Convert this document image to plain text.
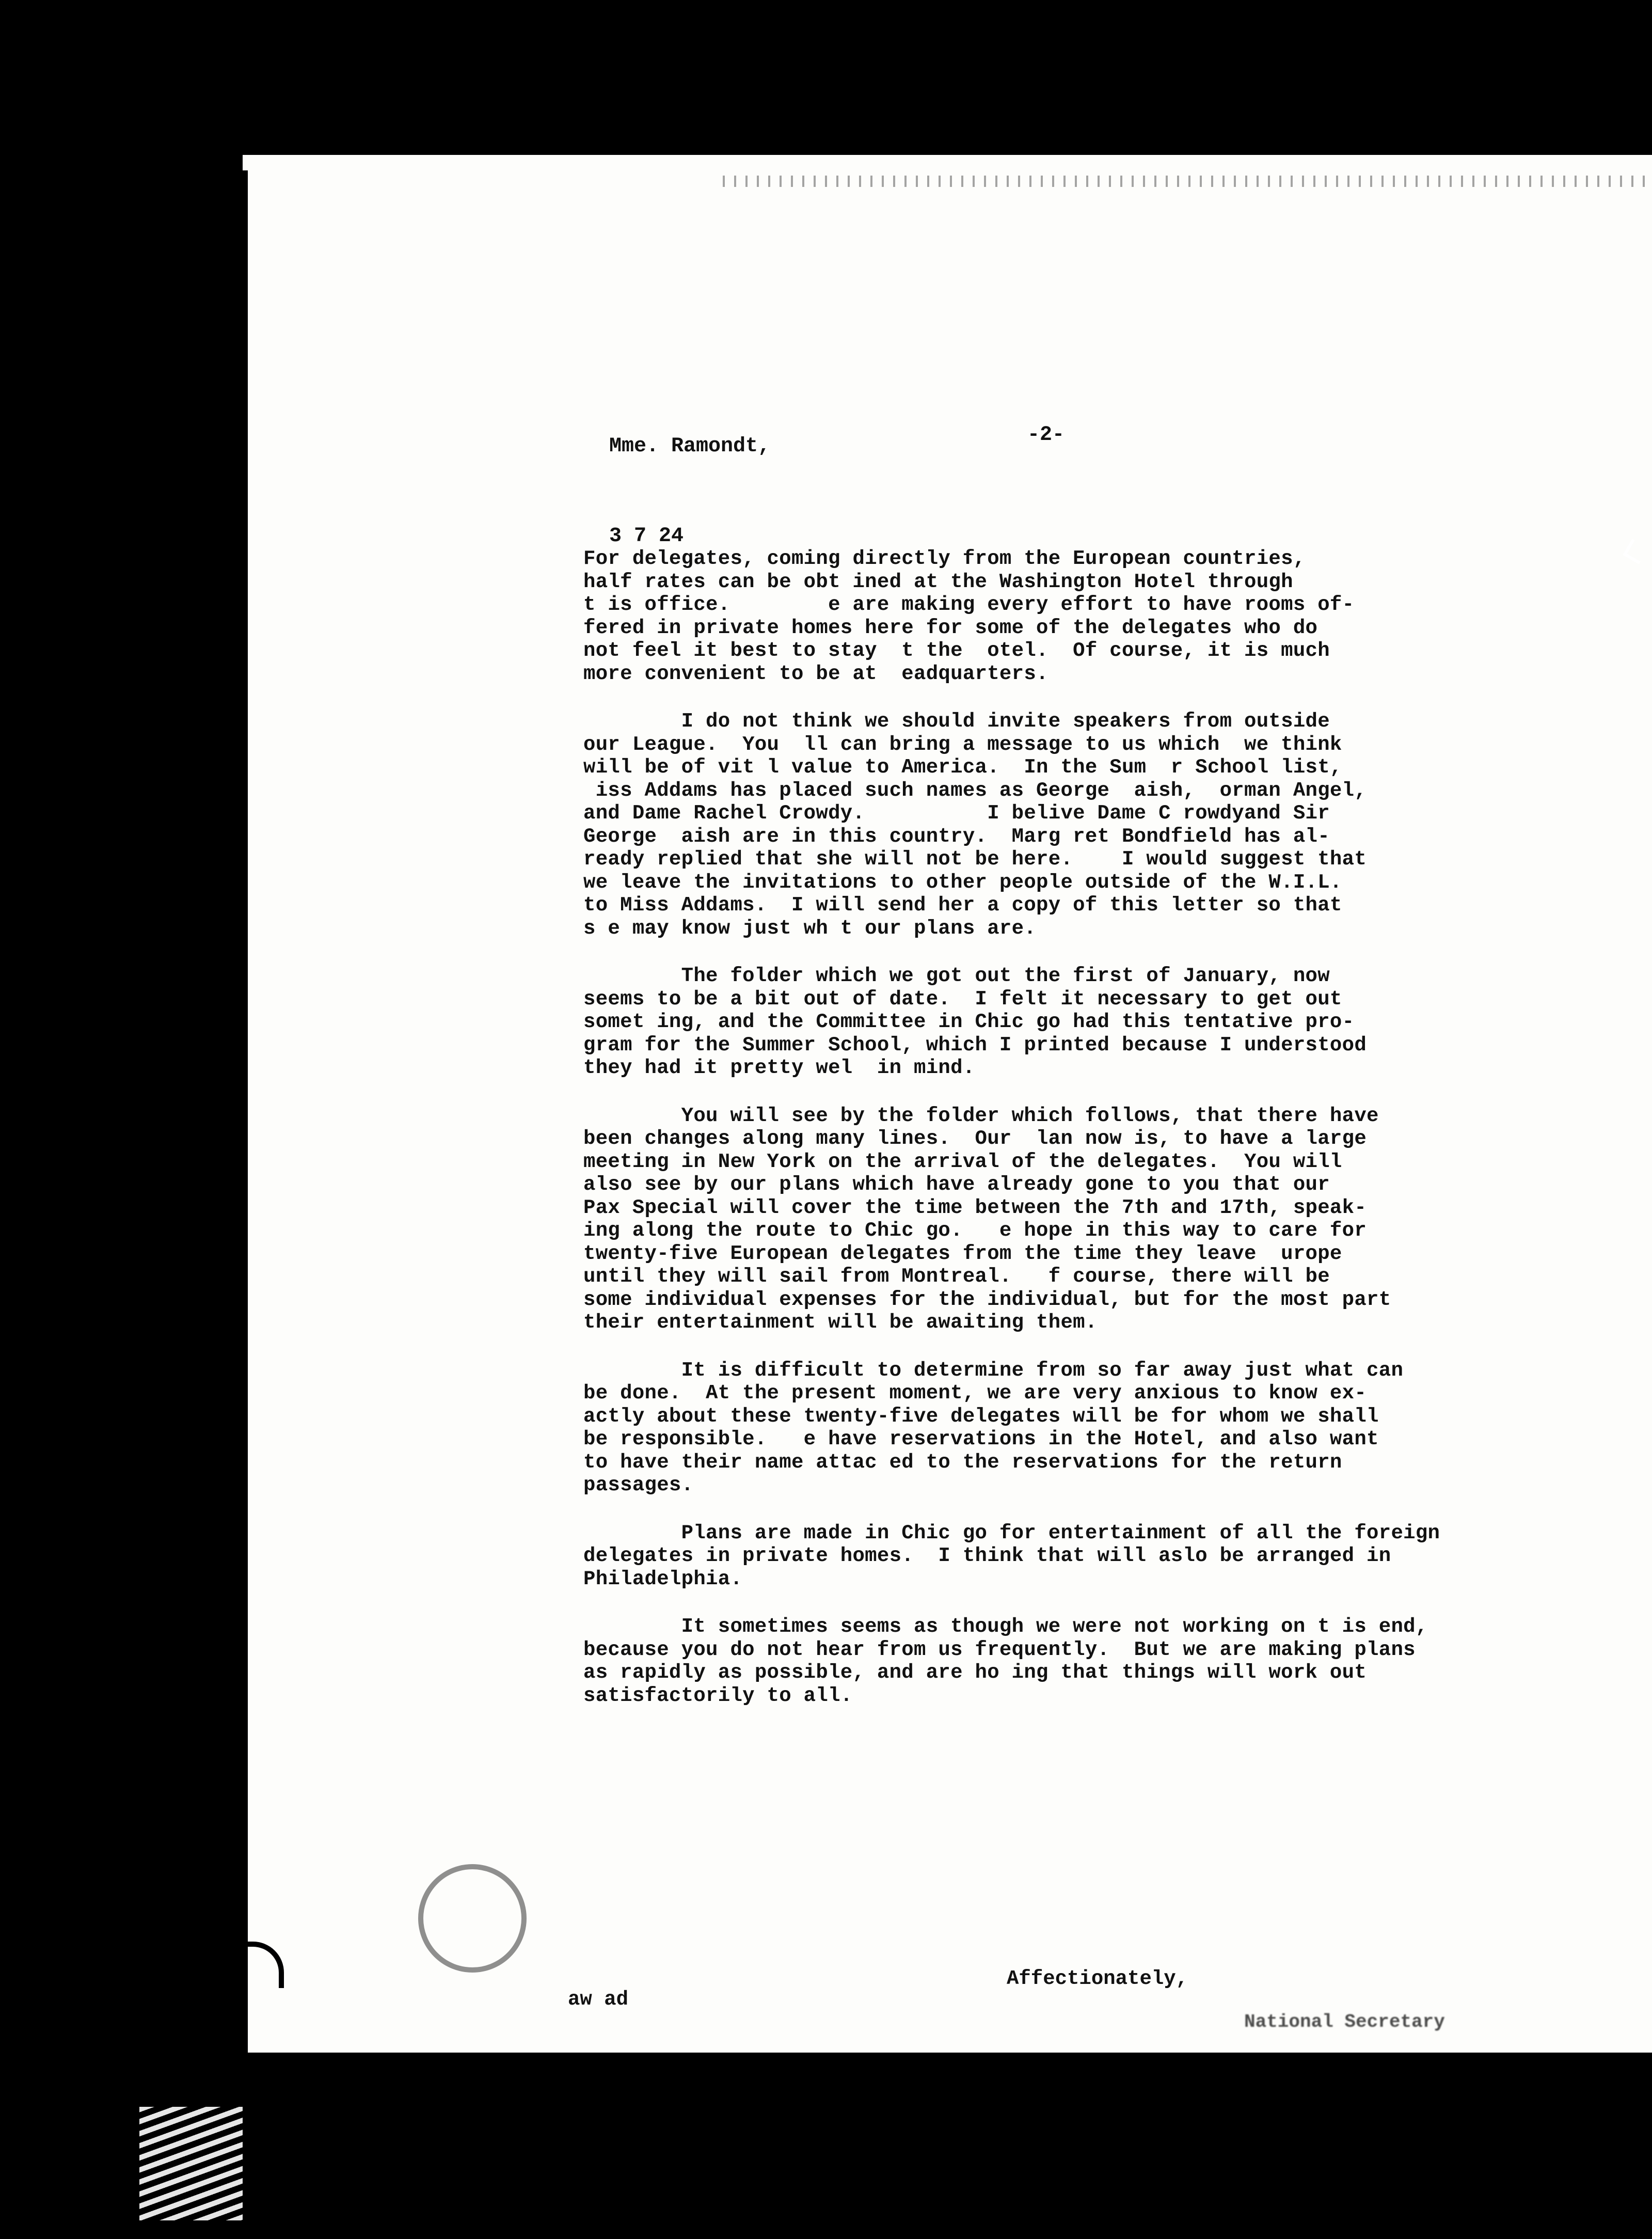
Mme. Ramondt,

3 7 24

-2-

For delegates, coming directly from the European countries,
half rates can be obt ined at the Washington Hotel through
t is office.        e are making every effort to have rooms of-
fered in private homes here for some of the delegates who do
not feel it best to stay  t the  otel.  Of course, it is much
more convenient to be at  eadquarters.

I do not think we should invite speakers from outside
our League.  You  ll can bring a message to us which  we think
will be of vit l value to America.  In the Sum  r School list,
iss Addams has placed such names as George  aish,  orman Angel,
and Dame Rachel Crowdy.          I belive Dame C rowdyand Sir
George  aish are in this country.  Marg ret Bondfield has al-
ready replied that she will not be here.    I would suggest that
we leave the invitations to other people outside of the W.I.L.
to Miss Addams.  I will send her a copy of this letter so that
s e may know just wh t our plans are.

The folder which we got out the first of January, now
seems to be a bit out of date.  I felt it necessary to get out
somet ing, and the Committee in Chic go had this tentative pro-
gram for the Summer School, which I printed because I understood
they had it pretty wel  in mind.

You will see by the folder which follows, that there have
been changes along many lines.  Our  lan now is, to have a large
meeting in New York on the arrival of the delegates.  You will
also see by our plans which have already gone to you that our
Pax Special will cover the time between the 7th and 17th, speak-
ing along the route to Chic go.   e hope in this way to care for
twenty-five European delegates from the time they leave  urope
until they will sail from Montreal.   f course, there will be
some individual expenses for the individual, but for the most part
their entertainment will be awaiting them.

It is difficult to determine from so far away just what can
be done.  At the present moment, we are very anxious to know ex-
actly about these twenty-five delegates will be for whom we shall
be responsible.   e have reservations in the Hotel, and also want
to have their name attac ed to the reservations for the return
passages.

Plans are made in Chic go for entertainment of all the foreign
delegates in private homes.  I think that will aslo be arranged in
Philadelphia.

It sometimes seems as though we were not working on t is end,
because you do not hear from us frequently.  But we are making plans
as rapidly as possible, and are ho ing that things will work out
satisfactorily to all.

aw ad
Affectionately,
National Secretary
